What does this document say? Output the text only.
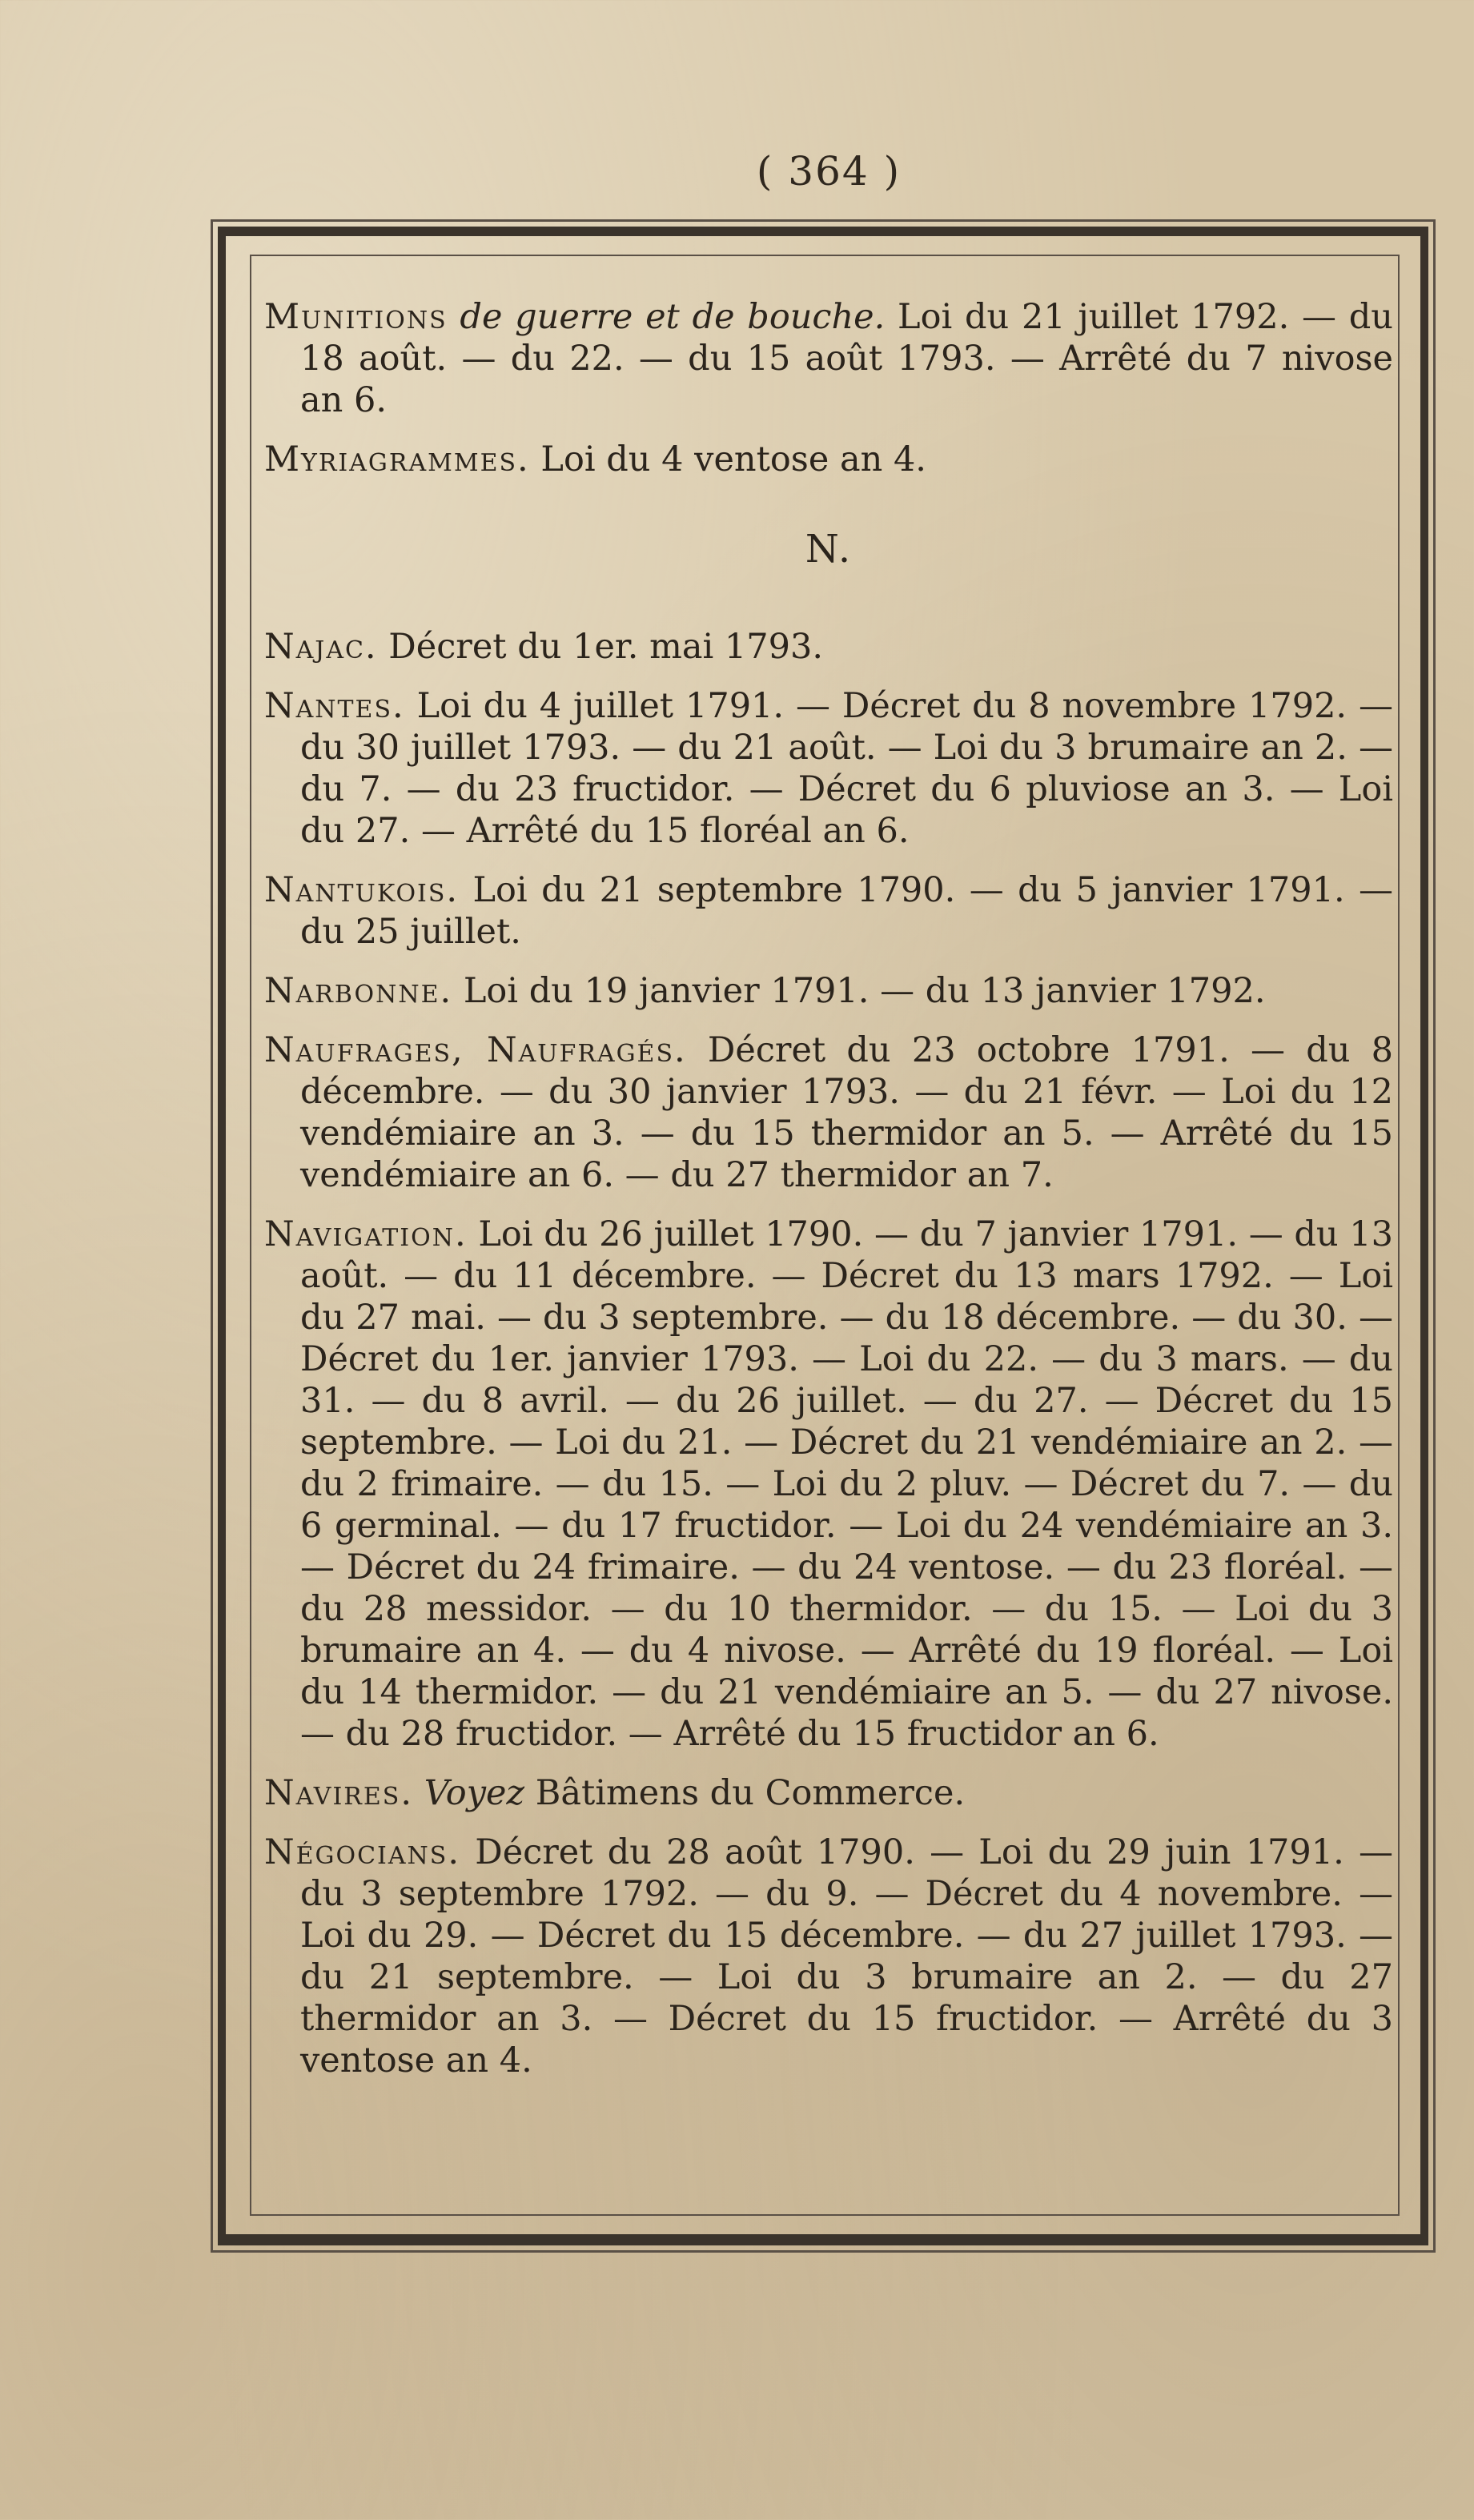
( 364 )
Munitions de guerre et de bouche. Loi du 21 juillet 1792. — du 18 août. — du 22. — du 15 août 1793. — Arrêté du 7 nivose an 6.
Myriagrammes. Loi du 4 ventose an 4.
N.
Najac. Décret du 1er. mai 1793.
Nantes. Loi du 4 juillet 1791. — Décret du 8 novembre 1792. — du 30 juillet 1793. — du 21 août. — Loi du 3 brumaire an 2. — du 7. — du 23 fructidor. — Décret du 6 pluviose an 3. — Loi du 27. — Arrêté du 15 floréal an 6.
Nantukois. Loi du 21 septembre 1790. — du 5 janvier 1791. — du 25 juillet.
Narbonne. Loi du 19 janvier 1791. — du 13 janvier 1792.
Naufrages, Naufragés. Décret du 23 octobre 1791. — du 8 décembre. — du 30 janvier 1793. — du 21 févr. — Loi du 12 vendémiaire an 3. — du 15 thermidor an 5. — Arrêté du 15 vendémiaire an 6. — du 27 thermidor an 7.
Navigation. Loi du 26 juillet 1790. — du 7 janvier 1791. — du 13 août. — du 11 décembre. — Décret du 13 mars 1792. — Loi du 27 mai. — du 3 septembre. — du 18 décembre. — du 30. — Décret du 1er. janvier 1793. — Loi du 22. — du 3 mars. — du 31. — du 8 avril. — du 26 juillet. — du 27. — Décret du 15 septembre. — Loi du 21. — Décret du 21 vendémiaire an 2. — du 2 frimaire. — du 15. — Loi du 2 pluv. — Décret du 7. — du 6 germinal. — du 17 fructidor. — Loi du 24 vendémiaire an 3. — Décret du 24 frimaire. — du 24 ventose. — du 23 floréal. — du 28 messidor. — du 10 thermidor. — du 15. — Loi du 3 brumaire an 4. — du 4 nivose. — Arrêté du 19 floréal. — Loi du 14 thermidor. — du 21 vendémiaire an 5. — du 27 nivose. — du 28 fructidor. — Arrêté du 15 fructidor an 6.
Navires. Voyez Bâtimens du Commerce.
Négocians. Décret du 28 août 1790. — Loi du 29 juin 1791. — du 3 septembre 1792. — du 9. — Décret du 4 novembre. — Loi du 29. — Décret du 15 décembre. — du 27 juillet 1793. — du 21 septembre. — Loi du 3 brumaire an 2. — du 27 thermidor an 3. — Décret du 15 fructidor. — Arrêté du 3 ventose an 4.
